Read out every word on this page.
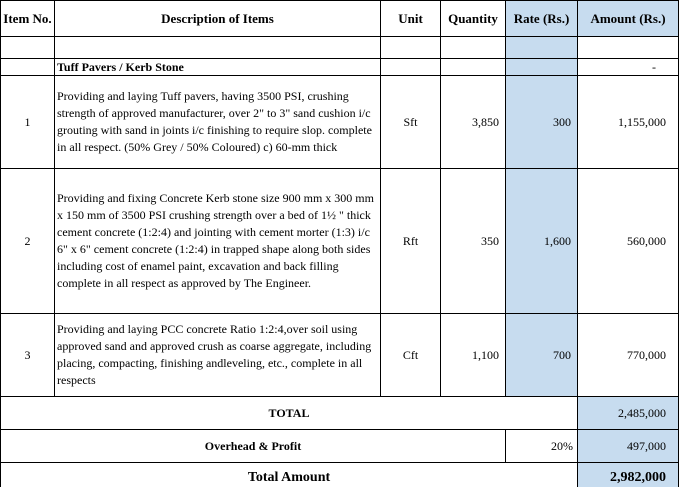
Item No.	Description of Items	Unit	Quantity	Rate (Rs.)	Amount (Rs.)

	Tuff Pavers / Kerb Stone				-
1	Providing and laying Tuff pavers, having 3500 PSI, crushing strength of approved manufacturer, over 2" to 3" sand cushion i/c grouting with sand in joints i/c finishing to require slop. complete in all respect. (50% Grey / 50% Coloured) c) 60-mm thick	Sft	3,850	300	1,155,000
2	Providing and fixing Concrete Kerb stone size 900 mm x 300 mm x 150 mm of 3500 PSI crushing strength over a bed of 1½ " thick cement concrete (1:2:4) and jointing with cement morter (1:3) i/c 6" x 6" cement concrete (1:2:4) in trapped shape along both sides including cost of enamel paint, excavation and back filling complete in all respect as approved by The Engineer.	Rft	350	1,600	560,000
3	Providing and laying PCC concrete Ratio 1:2:4,over soil using approved sand and approved crush as coarse aggregate, including placing, compacting, finishing andleveling, etc., complete in all respects	Cft	1,100	700	770,000
TOTAL					2,485,000
Overhead & Profit				20%	497,000
Total Amount					2,982,000
